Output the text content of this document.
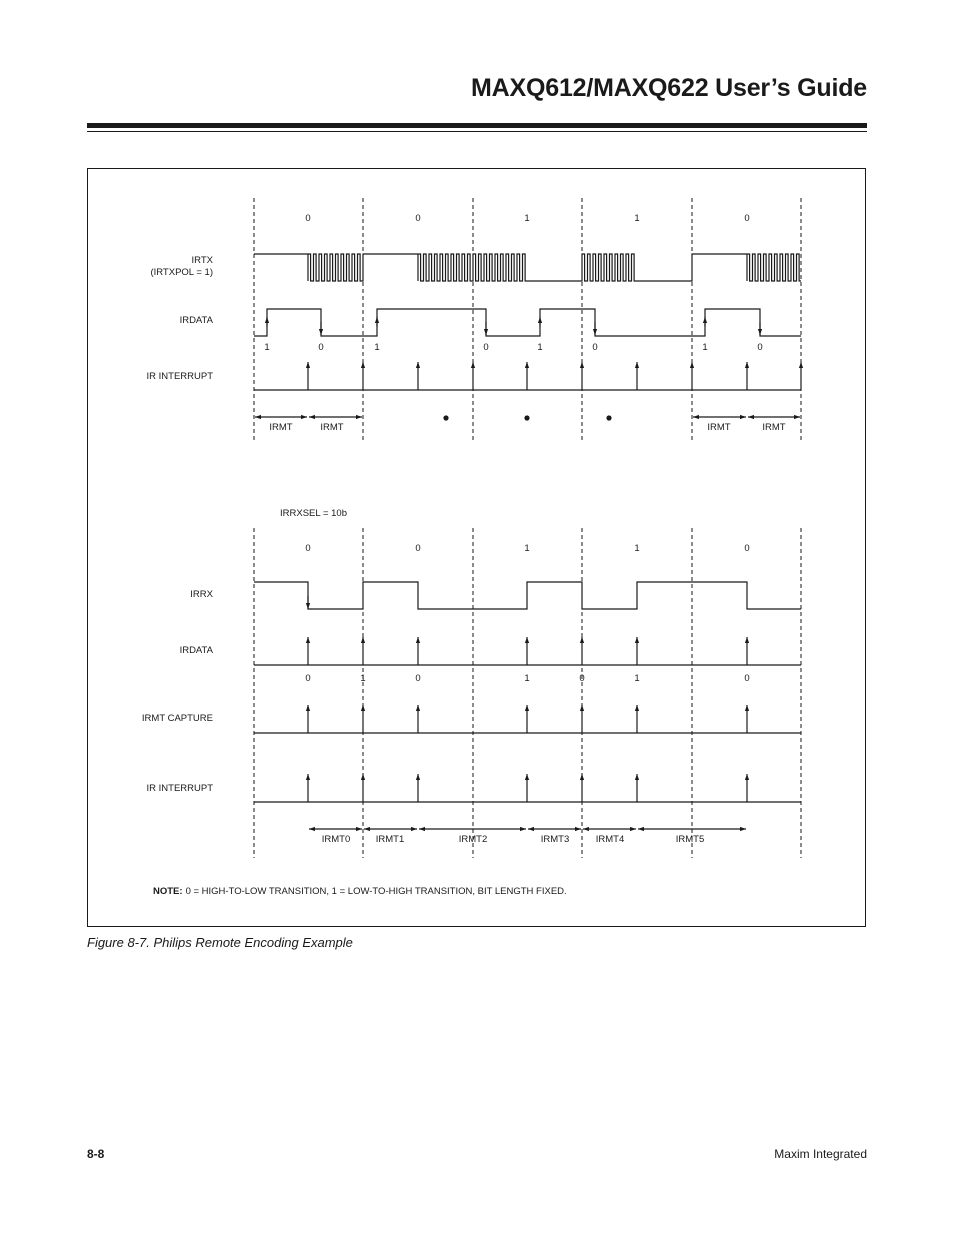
MAXQ612/MAXQ622 User’s Guide
0	0	1	1	0
IRTX
(IRTXPOL = 1)
IRDATA
IR INTERRUPT
1	0	1	0	1	0	1	0
IRMT	IRMT	IRMT	IRMT
IRRXSEL = 10b
0	0	1	1	0
IRRX
IRDATA
IRMT CAPTURE
IR INTERRUPT
0	1	0	1	0	1	0
IRMT0	IRMT1	IRMT2	IRMT3	IRMT4	IRMT5
NOTE: 0 = HIGH-TO-LOW TRANSITION, 1 = LOW-TO-HIGH TRANSITION, BIT LENGTH FIXED.
Figure 8-7. Philips Remote Encoding Example
8-8	Maxim Integrated
